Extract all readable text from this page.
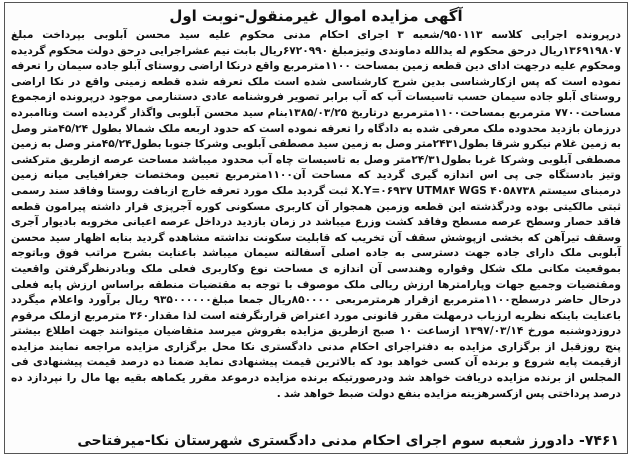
آگهی مزایده اموال غیرمنقول-نوبت اول
درپرونده اجرایی کلاسه ۹۵۰۱۱۳/شعبه ۳ اجرای احکام مدنی محکوم علیه سید محسن آبلوبی بپرداخت مبلغ ۱۳۶۹۱۹۸۰۷ریال درحق محکوم له یدالله دماوندی وتیزمبلغ ۶۷۲۰۹۹۰ریال بابت نیم عشراجرایی درحق دولت محکوم گردیده ومحکوم علیه درجهت ادای دین قطعه زمین بمساحت ۱۱۰۰مترمربع واقع درنکا اراضی روستای آبلو جاده سیمان را تعرفه نموده است که پس ازکارشناسی بدین شرح کارشناسی شده است ملک تعرفه شده قطعه زمینی واقع در نکا اراضی روستای آبلو جاده سیمان حسب تاسیسات آب که آب برابر تصویر فروشنامه عادی دستنارمی موجود درپرونده ازمجموع مساحت۷۷۰۰ مترمربع بمساحت۱۱۰۰مترمربع درتاریخ ۱۳۸۵/۰۳/۲۵بنام سید محسن آبلوبی واگذار گردیده است وناامبرده درزمان بازدید محدوده ملک معرفی شده به دادگاه را تعرفه نموده است که حدود اربعه ملک شمالا بطول ۴۵/۲۴متر وصل به زمین غلام نیکرو شرقا بطول۲۴۳۱متر وصل به زمین سید مصطفی آبلوبی وشرکا جنوبا بطول۴۵/۲۴متر وصل به زمین مصطفی آبلوبی وشرکا غربا بطول۲۴/۳۱متر وصل به تاسیسات چاه آب محدود میباشد مساحت عرصه ازطریق مترکشی وتیز بادستگاه جی پی اس اندازه گیری گردید که مساحت آن۱۱۰۰مترمربع تعیین ومختصات جغرافیایی میانه زمین درمبنای سیستم X.Y=۰۶۹۳۷ UTM۸۴ WGS ۴۰۵۸۷۳۸ ثبت گردید ملک مورد تعرفه خارج ازبافت روستا وفاقد سند رسمی ثبتی مالکیتی بوده ودرگذشته این قطعه وزمین همجوار آن کاربری مسکونی کوره آجرپزی قرار داشته پیرامون قطعه فاقد حصار وسطح عرصه مسطح وفاقد کشت وزرع میباشد در زمان بازدید درداخل عرصه اعیانی مخروبه بادیوار آجری وسقف تیرآهن که بخشی ازپوشش سقف آن تخریب که قابلیت سکونت نداشته مشاهده گردید بنابه اظهار سید محسن آبلوبی ملک دارای جاده جهت دسترسی به جاده اصلی آسفالته سیمان میباشد باعنایت بشرح مراتب فوق وباتوجه بموقعیت مکانی ملک شکل وقواره وهندسی آن اندازه ی مساحت نوع وکاربری فعلی ملک وبادرنظرگرفتن واقعیت ومقتضیات وجمیع جهات وپارامترها ارزش ریالی ملک موصوف با توجه به مقتضیات منطقه براساس ارزش پایه فعلی درحال حاضر درسطح۱۱۰۰مترمربع ازقرار هرمترمربعی ۸۵۰۰۰۰ریال جمعا مبلغ۹۳۵۰۰۰۰۰۰ ریال برآورد واعلام میگردد باعنایت باینکه نظریه ارزیاب درمهلت مقرر قانونی مورد اعتراض قرارنگرفته است لذا مقدار۳۶۰ مترمربع ازملک مرقوم دروزدوشنبه مورخ ۱۳۹۷/۰۳/۱۴ ازساعت ۱۰ صبح ازطریق مزایده بفروش میرسد متقاضیان میتوانند جهت اطلاع بیشتر پنج روزقبل از برگزاری مزایده به دفتراجرای احکام مدنی دادگستری نکا محل برگزاری مزایده مراجعه نمایند مزایده ازقیمت پایه شروع و برنده آن کسی خواهد بود که بالاترین قیمت پیشنهادی نماید ضمنا ده درصد قیمت پیشنهادی فی المجلس از برنده مزایده دریافت خواهد شد ودرصورتیکه برنده مزایده درموعد مقرر یکماهه بقیه بها مال را نپردازد ده درصد پرداختی پس ازکسرهزینه مزایده بنفع دولت ضبط خواهد شد .
۷۴۶۱- دادورز شعبه سوم اجرای احکام مدنی دادگستری شهرستان نکا-میرفتاحی
